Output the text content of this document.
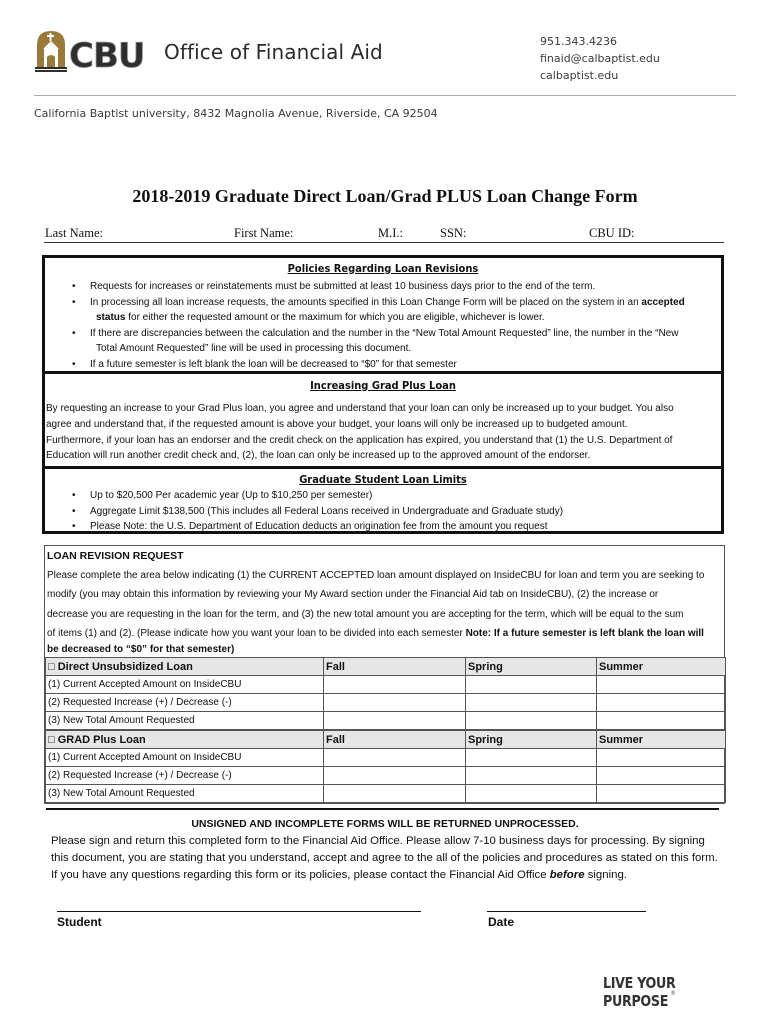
CBU Office of Financial Aid	951.343.4236
finaid@calbaptist.edu
calbaptist.edu
California Baptist university, 8432 Magnolia Avenue, Riverside, CA 92504
2018-2019 Graduate Direct Loan/Grad PLUS Loan Change Form
Last Name:	First Name:	M.I.:	SSN:	CBU ID:
Policies Regarding Loan Revisions
• Requests for increases or reinstatements must be submitted at least 10 business days prior to the end of the term.
• In processing all loan increase requests, the amounts specified in this Loan Change Form will be placed on the system in an accepted
status for either the requested amount or the maximum for which you are eligible, whichever is lower.
• If there are discrepancies between the calculation and the number in the “New Total Amount Requested” line, the number in the “New
Total Amount Requested” line will be used in processing this document.
• If a future semester is left blank the loan will be decreased to “$0” for that semester
Increasing Grad Plus Loan
By requesting an increase to your Grad Plus loan, you agree and understand that your loan can only be increased up to your budget. You also
agree and understand that, if the requested amount is above your budget, your loans will only be increased up to budgeted amount.
Furthermore, if your loan has an endorser and the credit check on the application has expired, you understand that (1) the U.S. Department of
Education will run another credit check and, (2), the loan can only be increased up to the approved amount of the endorser.
Graduate Student Loan Limits
• Up to $20,500 Per academic year (Up to $10,250 per semester)
• Aggregate Limit $138,500 (This includes all Federal Loans received in Undergraduate and Graduate study)
• Please Note: the U.S. Department of Education deducts an origination fee from the amount you request
LOAN REVISION REQUEST
Please complete the area below indicating (1) the CURRENT ACCEPTED loan amount displayed on InsideCBU for loan and term you are seeking to
modify (you may obtain this information by reviewing your My Award section under the Financial Aid tab on InsideCBU), (2) the increase or
decrease you are requesting in the loan for the term, and (3) the new total amount you are accepting for the term, which will be equal to the sum
of items (1) and (2). (Please indicate how you want your loan to be divided into each semester Note: If a future semester is left blank the loan will
be decreased to “$0” for that semester)
□ Direct Unsubsidized Loan	Fall	Spring	Summer
(1) Current Accepted Amount on InsideCBU			
(2) Requested Increase (+) / Decrease (-)			
(3) New Total Amount Requested			
□ GRAD Plus Loan	Fall	Spring	Summer
(1) Current Accepted Amount on InsideCBU			
(2) Requested Increase (+) / Decrease (-)			
(3) New Total Amount Requested			
UNSIGNED AND INCOMPLETE FORMS WILL BE RETURNED UNPROCESSED.
Please sign and return this completed form to the Financial Aid Office. Please allow 7-10 business days for processing. By signing this document, you are stating that you understand, accept and agree to the all of the policies and procedures as stated on this form. If you have any questions regarding this form or its policies, please contact the Financial Aid Office before signing.
Student	Date
LIVE YOUR PURPOSE ®
